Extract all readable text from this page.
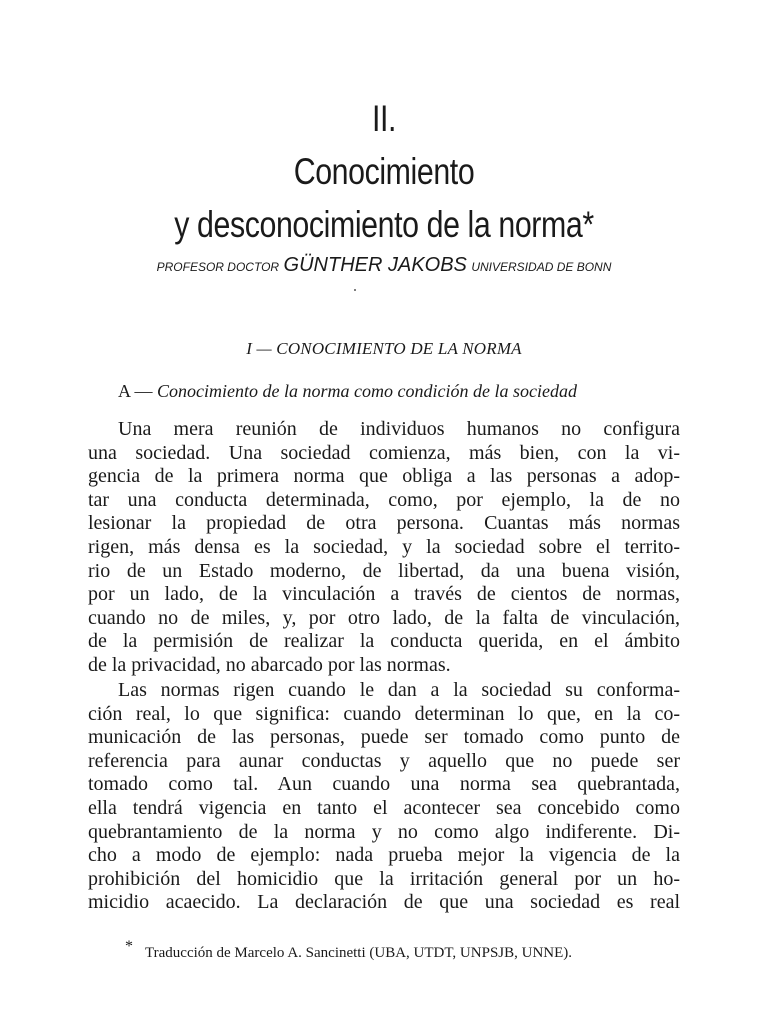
II.
Conocimiento
y desconocimiento de la norma*
PROFESOR DOCTOR GÜNTHER JAKOBS UNIVERSIDAD DE BONN
I — CONOCIMIENTO DE LA NORMA
A — Conocimiento de la norma como condición de la sociedad
Una mera reunión de individuos humanos no configura
una sociedad. Una sociedad comienza, más bien, con la vi-
gencia de la primera norma que obliga a las personas a adop-
tar una conducta determinada, como, por ejemplo, la de no
lesionar la propiedad de otra persona. Cuantas más normas
rigen, más densa es la sociedad, y la sociedad sobre el territo-
rio de un Estado moderno, de libertad, da una buena visión,
por un lado, de la vinculación a través de cientos de normas,
cuando no de miles, y, por otro lado, de la falta de vinculación,
de la permisión de realizar la conducta querida, en el ámbito
de la privacidad, no abarcado por las normas.
Las normas rigen cuando le dan a la sociedad su conforma-
ción real, lo que significa: cuando determinan lo que, en la co-
municación de las personas, puede ser tomado como punto de
referencia para aunar conductas y aquello que no puede ser
tomado como tal. Aun cuando una norma sea quebrantada,
ella tendrá vigencia en tanto el acontecer sea concebido como
quebrantamiento de la norma y no como algo indiferente. Di-
cho a modo de ejemplo: nada prueba mejor la vigencia de la
prohibición del homicidio que la irritación general por un ho-
micidio acaecido. La declaración de que una sociedad es real
* Traducción de Marcelo A. Sancinetti (UBA, UTDT, UNPSJB, UNNE).
